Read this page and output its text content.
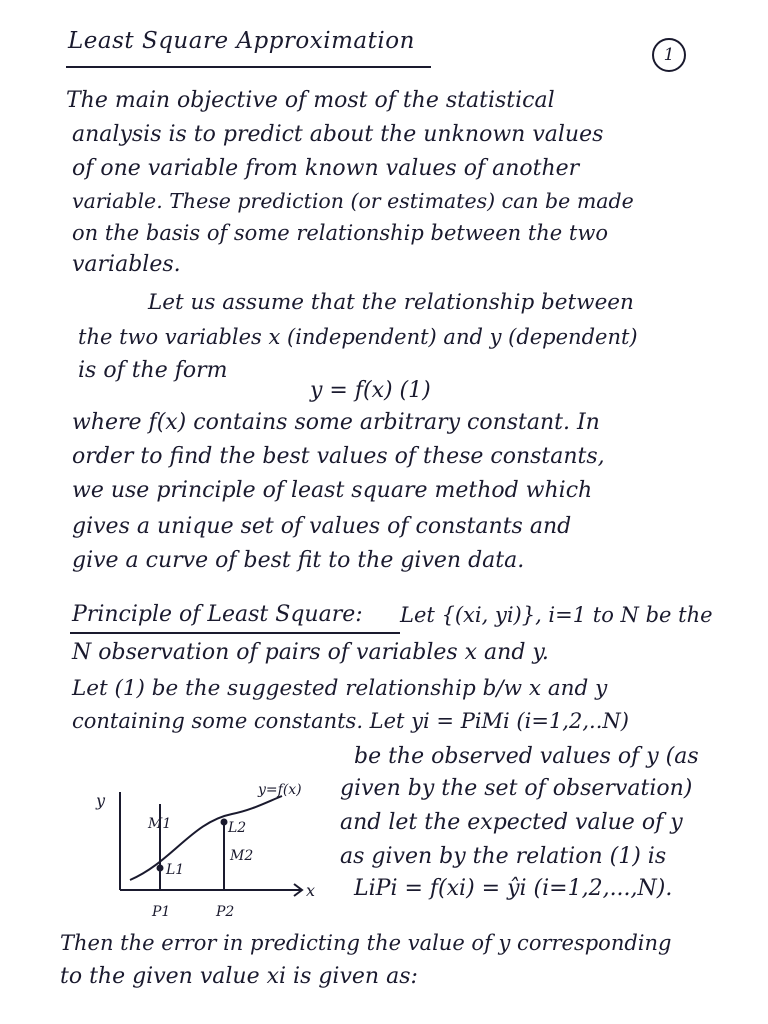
Least Square Approximation
1
The main objective of most of the statistical
analysis is to predict about the unknown values
of one variable from known values of another
variable. These prediction (or estimates) can be made
on the basis of some relationship between the two
variables.
Let us assume that the relationship between
the two variables x (independent) and y (dependent)
is of the form
y = f(x) (1)
where f(x) contains some arbitrary constant. In
order to find the best values of these constants,
we use principle of least square method which
gives a unique set of values of constants and
give a curve of best fit to the given data.
Principle of Least Square: Let {(xi, yi)}, i=1 to N be the
N observation of pairs of variables x and y.
Let (1) be the suggested relationship b/w x and y
containing some constants. Let yi = PiMi (i=1,2,..N)
be the observed values of y (as
given by the set of observation)
and let the expected value of y
as given by the relation (1) is
LiPi = f(xi) = ŷi (i=1,2,...,N).
Then the error in predicting the value of y corresponding
to the given value xi is given as:
y
x
y=f(x)
M1
M2
L1
L2
P1	P2
